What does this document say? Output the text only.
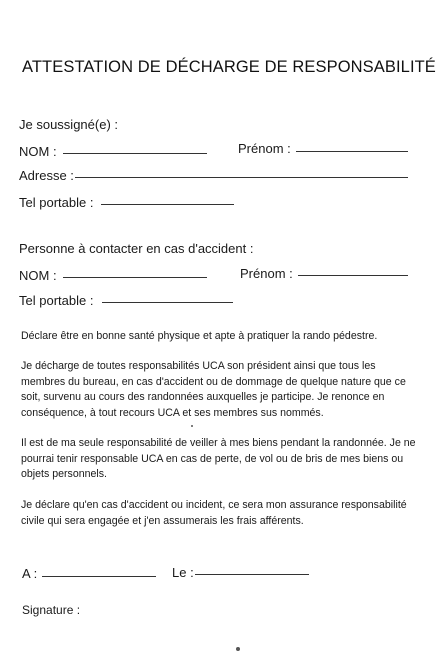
ATTESTATION DE DÉCHARGE DE RESPONSABILITÉ
Je soussigné(e) :
NOM :	Prénom :
Adresse :
Tel portable :
Personne à contacter en cas d'accident :
NOM :	Prénom :
Tel portable :
Déclare être en bonne santé physique et apte à pratiquer la rando pédestre.
Je décharge de toutes responsabilités UCA son président ainsi que tous les membres du bureau, en cas d'accident ou de dommage de quelque nature que ce soit, survenu au cours des randonnées auxquelles je participe. Je renonce en conséquence, à tout recours UCA et ses membres sus nommés.
Il est de ma seule responsabilité de veiller à mes biens pendant la randonnée. Je ne pourrai tenir responsable UCA en cas de perte, de vol ou de bris de mes biens ou objets personnels.
Je déclare qu'en cas d'accident ou incident, ce sera mon assurance responsabilité civile qui sera engagée et j'en assumerais les frais afférents.
A :	Le :
Signature :
